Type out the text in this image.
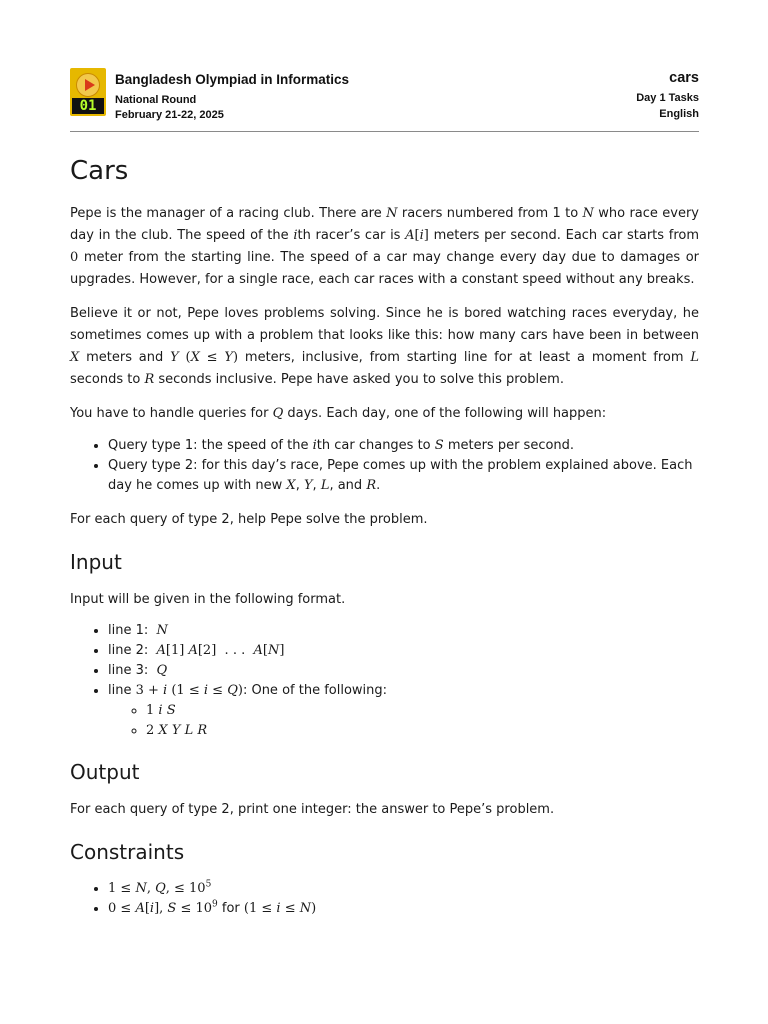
01
Bangladesh Olympiad in Informatics
National Round
February 21-22, 2025
cars
Day 1 Tasks
English
Cars

Pepe is the manager of a racing club. There are N racers numbered from 1 to N who race every day in the club. The speed of the ith racer’s car is A[i] meters per second. Each car starts from 0 meter from the starting line. The speed of a car may change every day due to damages or upgrades. However, for a single race, each car races with a constant speed without any breaks.

Believe it or not, Pepe loves problems solving. Since he is bored watching races everyday, he sometimes comes up with a problem that looks like this: how many cars have been in between X meters and Y (X ≤ Y) meters, inclusive, from starting line for at least a moment from L seconds to R seconds inclusive. Pepe have asked you to solve this problem.

You have to handle queries for Q days. Each day, one of the following will happen:

• Query type 1: the speed of the ith car changes to S meters per second.
• Query type 2: for this day’s race, Pepe comes up with the problem explained above. Each day he comes up with new X, Y, L, and R.

For each query of type 2, help Pepe solve the problem.

Input

Input will be given in the following format.

• line 1: N
• line 2: A[1] A[2]  . . .  A[N]
• line 3: Q
• line 3 + i (1 ≤ i ≤ Q): One of the following:
◦ 1 i S
◦ 2 X Y L R
Output

For each query of type 2, print one integer: the answer to Pepe’s problem.

Constraints
• 1 ≤ N, Q, ≤ $10^5$
• 0 ≤ A[i], $S \le 10^9$ for (1 ≤ i ≤ N)
